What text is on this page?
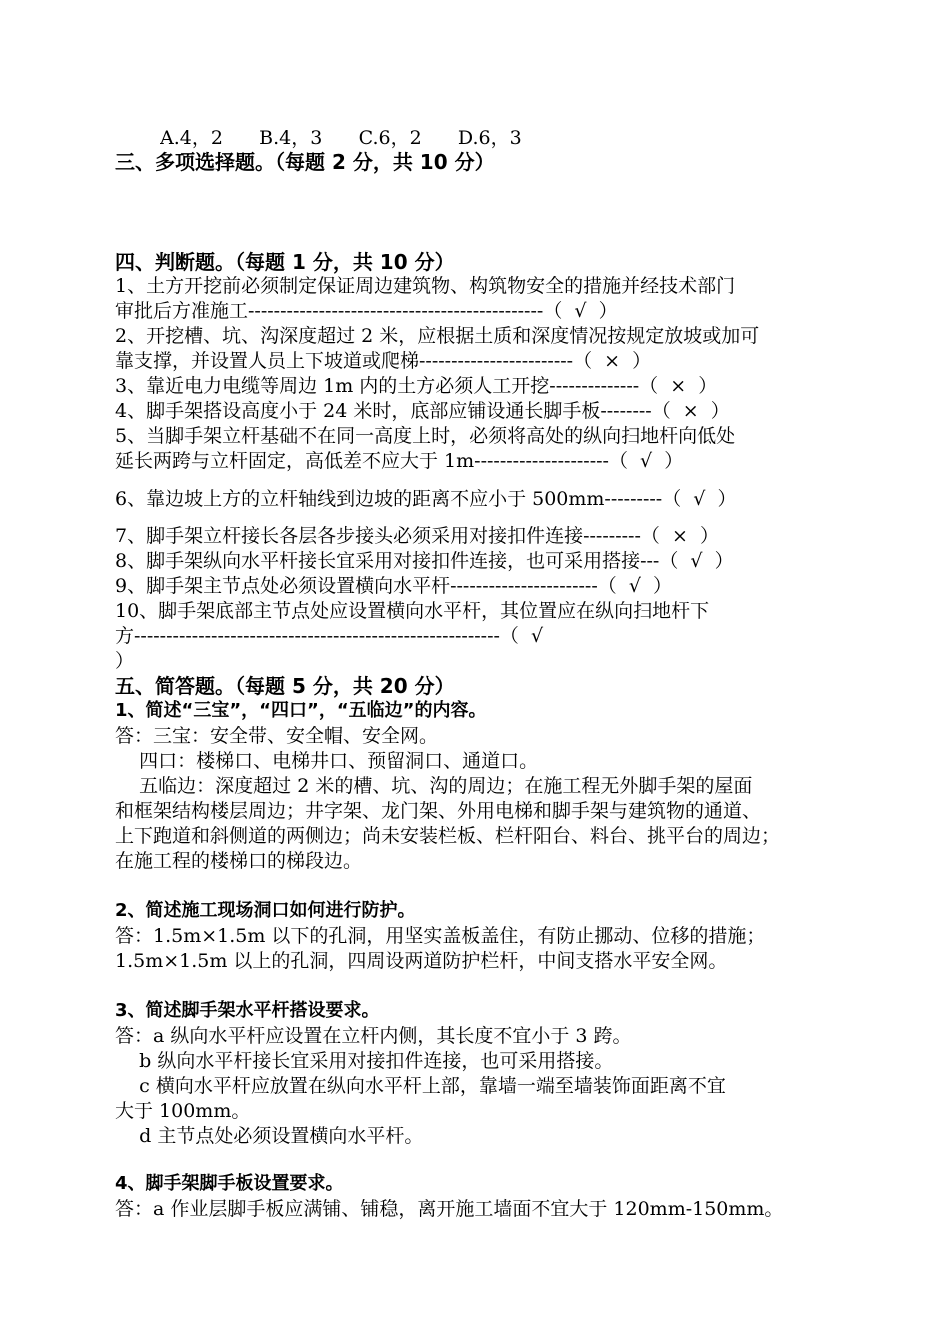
A.4，2      B.4，3      C.6，2      D.6，3
三、多项选择题。（每题 2 分，共 10 分）
四、判断题。（每题 1 分，共 10 分）
1、土方开挖前必须制定保证周边建筑物、构筑物安全的措施并经技术部门
审批后方准施工----------------------------------------------（  √  ）
2、开挖槽、坑、沟深度超过 2 米，应根据土质和深度情况按规定放坡或加可
靠支撑，并设置人员上下坡道或爬梯------------------------（  ×  ）
3、靠近电力电缆等周边 1m 内的土方必须人工开挖--------------（  ×  ）
4、脚手架搭设高度小于 24 米时，底部应铺设通长脚手板--------（  ×  ）
5、当脚手架立杆基础不在同一高度上时，必须将高处的纵向扫地杆向低处
延长两跨与立杆固定，高低差不应大于 1m---------------------（  √  ）
6、靠边坡上方的立杆轴线到边坡的距离不应小于 500mm---------（  √  ）
7、脚手架立杆接长各层各步接头必须采用对接扣件连接---------（  ×  ）
8、脚手架纵向水平杆接长宜采用对接扣件连接，也可采用搭接---（  √  ）
9、脚手架主节点处必须设置横向水平杆-----------------------（  √  ）
10、脚手架底部主节点处应设置横向水平杆，其位置应在纵向扫地杆下
方---------------------------------------------------------（  √
）
五、简答题。（每题 5 分，共 20 分）
1、简述“三宝”，“四口”，“五临边”的内容。
答：三宝：安全带、安全帽、安全网。
四口：楼梯口、电梯井口、预留洞口、通道口。
五临边：深度超过 2 米的槽、坑、沟的周边；在施工程无外脚手架的屋面
和框架结构楼层周边；井字架、龙门架、外用电梯和脚手架与建筑物的通道、
上下跑道和斜侧道的两侧边；尚未安装栏板、栏杆阳台、料台、挑平台的周边；
在施工程的楼梯口的梯段边。
2、简述施工现场洞口如何进行防护。
答：1.5m×1.5m 以下的孔洞，用坚实盖板盖住，有防止挪动、位移的措施；
1.5m×1.5m 以上的孔洞，四周设两道防护栏杆，中间支搭水平安全网。
3、简述脚手架水平杆搭设要求。
答：a 纵向水平杆应设置在立杆内侧，其长度不宜小于 3 跨。
b 纵向水平杆接长宜采用对接扣件连接，也可采用搭接。
c 横向水平杆应放置在纵向水平杆上部，靠墙一端至墙装饰面距离不宜
大于 100mm。
d 主节点处必须设置横向水平杆。
4、脚手架脚手板设置要求。
答：a 作业层脚手板应满铺、铺稳，离开施工墙面不宜大于 120mm-150mm。
